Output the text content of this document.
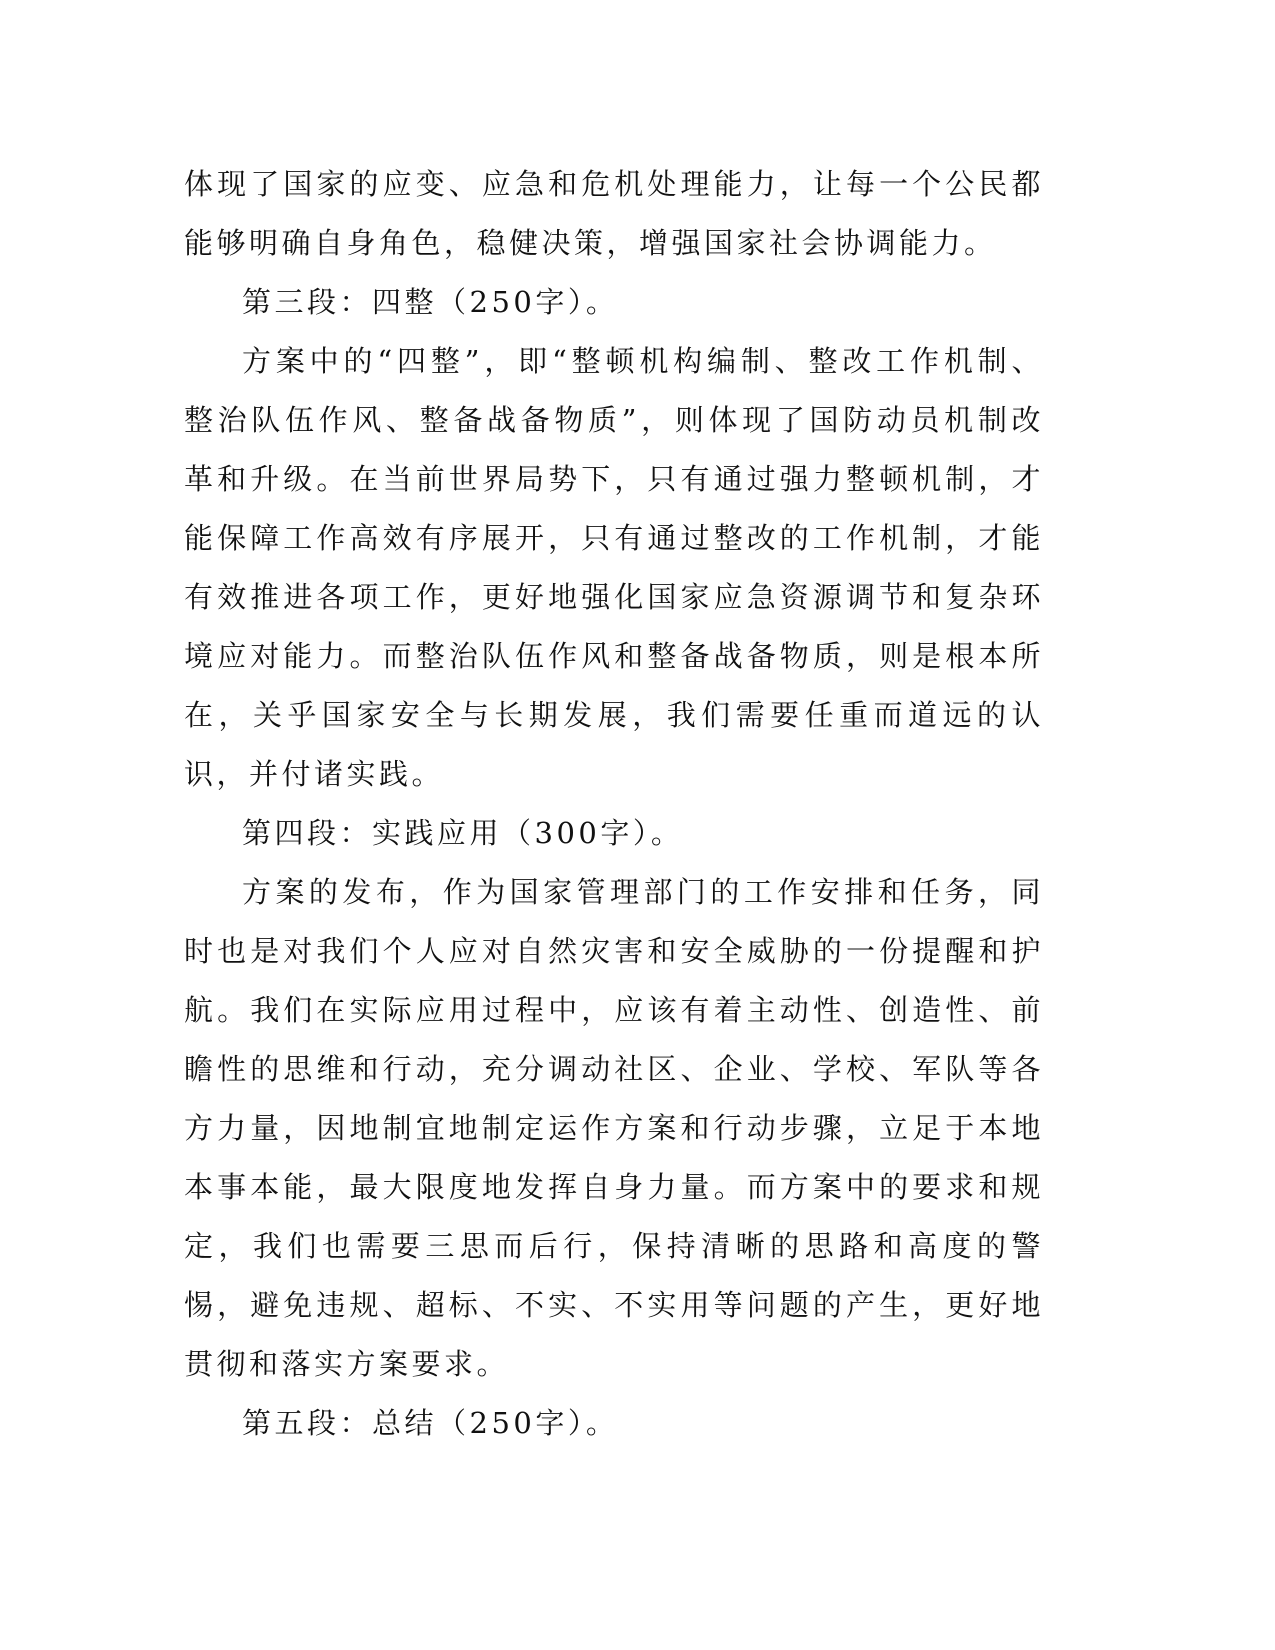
体现了国家的应变、应急和危机处理能力，让每一个公民都能够明确自身角色，稳健决策，增强国家社会协调能力。

第三段：四整（250字）。

方案中的“四整”，即“整顿机构编制、整改工作机制、整治队伍作风、整备战备物质”，则体现了国防动员机制改革和升级。在当前世界局势下，只有通过强力整顿机制，才能保障工作高效有序展开，只有通过整改的工作机制，才能有效推进各项工作，更好地强化国家应急资源调节和复杂环境应对能力。而整治队伍作风和整备战备物质，则是根本所在，关乎国家安全与长期发展，我们需要任重而道远的认识，并付诸实践。

第四段：实践应用（300字）。

方案的发布，作为国家管理部门的工作安排和任务，同时也是对我们个人应对自然灾害和安全威胁的一份提醒和护航。我们在实际应用过程中，应该有着主动性、创造性、前瞻性的思维和行动，充分调动社区、企业、学校、军队等各方力量，因地制宜地制定运作方案和行动步骤，立足于本地本事本能，最大限度地发挥自身力量。而方案中的要求和规定，我们也需要三思而后行，保持清晰的思路和高度的警惕，避免违规、超标、不实、不实用等问题的产生，更好地贯彻和落实方案要求。

第五段：总结（250字）。
